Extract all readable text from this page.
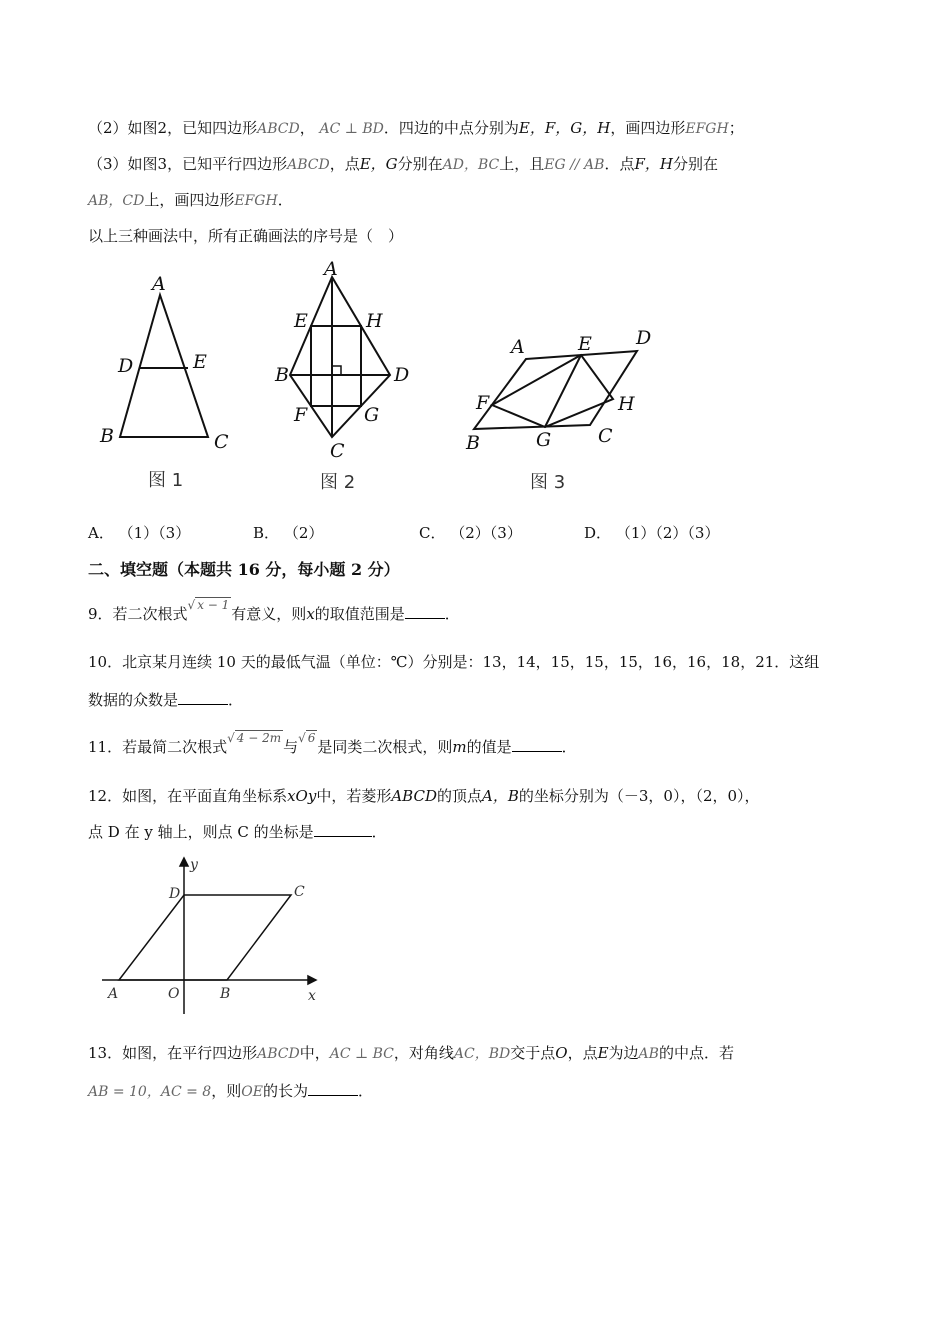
（2）如图2，已知四边形ABCD， AC ⊥ BD．四边的中点分别为E，F，G，H，画四边形EFGH；
（3）如图3，已知平行四边形ABCD，点E，G分别在AD，BC上，且EG // AB．点F，H分别在
AB，CD上，画四边形EFGH．
以上三种画法中，所有正确画法的序号是（　）
A
D	E
B	C
图 1
A
E	H
B	D
F	G
C
图 2
A	E D
F	H
B	G C
图 3
A． （1）（3）	B． （2）	C． （2）（3）	D． （1）（2）（3）
二、填空题（本题共 16 分，每小题 2 分）
9．若二次根式$^{√ x - 1}$ 有意义，则x的取值范围是	．
10．北京某月连续 10 天的最低气温（单位：℃）分别是：13，14，15，15，15，16，16，18，21．这组
数据的众数是	．
11．若最简二次根式$^{√ 4 - 2m}$ 与$^{√ 6}$ 是同类二次根式，则m的值是	．
12．如图，在平面直角坐标系xOy中，若菱形ABCD的顶点A，B的坐标分别为（－3，0），（2，0），
点 D 在 y 轴上，则点 C 的坐标是	．
y
D	C
A	O	B	x
13．如图，在平行四边形ABCD中，AC ⊥ BC，对角线AC，BD交于点O，点E为边AB的中点．若
AB = 10，AC = 8，则OE的长为	．
